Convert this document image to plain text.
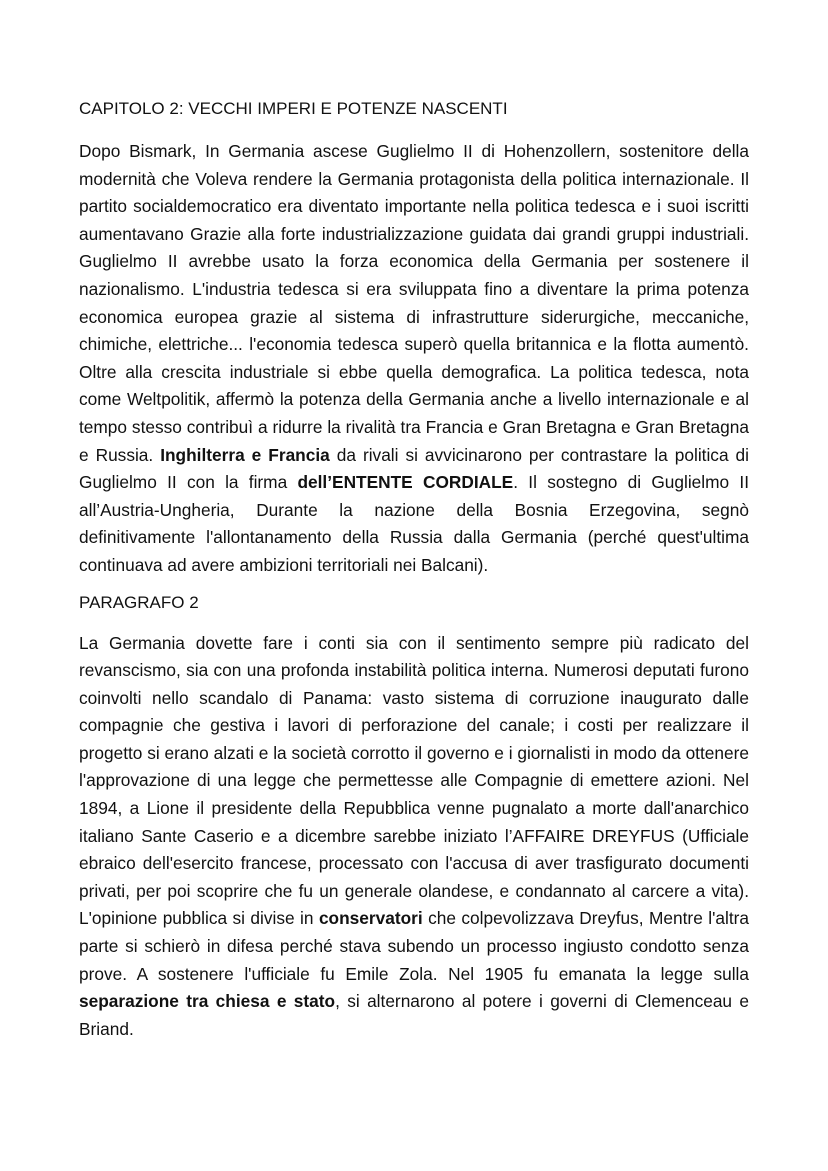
CAPITOLO 2: VECCHI IMPERI E POTENZE NASCENTI

Dopo Bismark, In Germania ascese Guglielmo II di Hohenzollern, sostenitore della modernità che Voleva rendere la Germania protagonista della politica internazionale. Il partito socialdemocratico era diventato importante nella politica tedesca e i suoi iscritti aumentavano Grazie alla forte industrializzazione guidata dai grandi gruppi industriali. Guglielmo II avrebbe usato la forza economica della Germania per sostenere il nazionalismo. L'industria tedesca si era sviluppata fino a diventare la prima potenza economica europea grazie al sistema di infrastrutture siderurgiche, meccaniche, chimiche, elettriche... l'economia tedesca superò quella britannica e la flotta aumentò. Oltre alla crescita industriale si ebbe quella demografica. La politica tedesca, nota come Weltpolitik, affermò la potenza della Germania anche a livello internazionale e al tempo stesso contribuì a ridurre la rivalità tra Francia e Gran Bretagna e Gran Bretagna e Russia. Inghilterra e Francia da rivali si avvicinarono per contrastare la politica di Guglielmo II con la firma dell’ENTENTE CORDIALE. Il sostegno di Guglielmo II all’Austria-Ungheria, Durante la nazione della Bosnia Erzegovina, segnò definitivamente l'allontanamento della Russia dalla Germania (perché quest'ultima continuava ad avere ambizioni territoriali nei Balcani).

PARAGRAFO 2

La Germania dovette fare i conti sia con il sentimento sempre più radicato del revanscismo, sia con una profonda instabilità politica interna. Numerosi deputati furono coinvolti nello scandalo di Panama: vasto sistema di corruzione inaugurato dalle compagnie che gestiva i lavori di perforazione del canale; i costi per realizzare il progetto si erano alzati e la società corrotto il governo e i giornalisti in modo da ottenere l'approvazione di una legge che permettesse alle Compagnie di emettere azioni. Nel 1894, a Lione il presidente della Repubblica venne pugnalato a morte dall'anarchico italiano Sante Caserio e a dicembre sarebbe iniziato l’AFFAIRE DREYFUS (Ufficiale ebraico dell'esercito francese, processato con l'accusa di aver trasfigurato documenti privati, per poi scoprire che fu un generale olandese, e condannato al carcere a vita). L'opinione pubblica si divise in conservatori che colpevolizzava Dreyfus, Mentre l'altra parte si schierò in difesa perché stava subendo un processo ingiusto condotto senza prove. A sostenere l'ufficiale fu Emile Zola. Nel 1905 fu emanata la legge sulla separazione tra chiesa e stato, si alternarono al potere i governi di Clemenceau e Briand.
